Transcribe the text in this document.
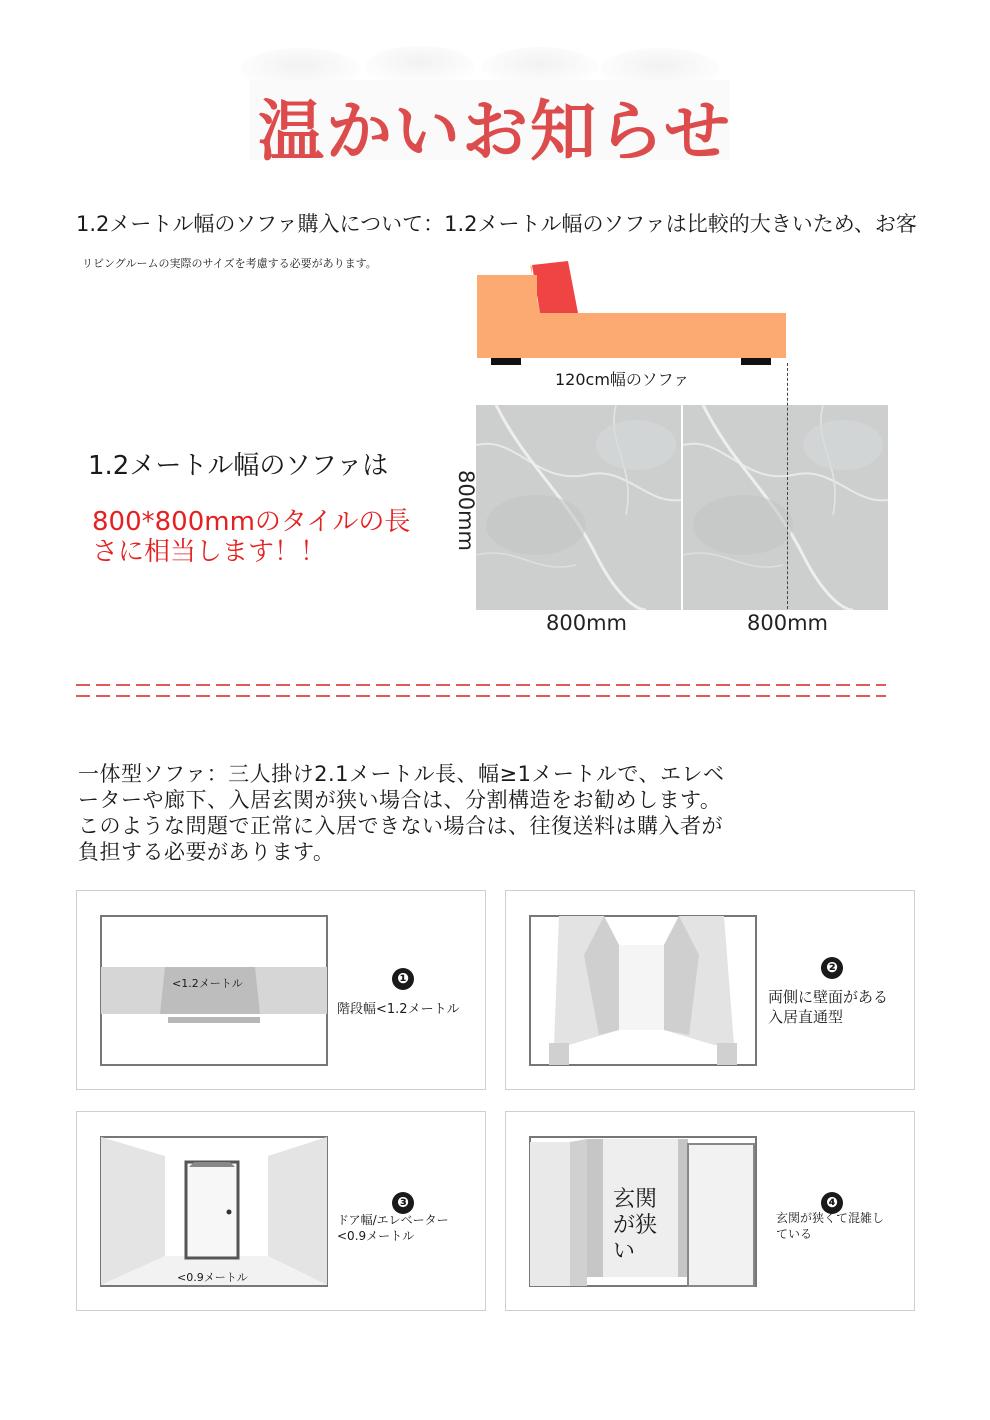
温かいお知らせ
1.2メートル幅のソファ購入について：1.2メートル幅のソファは比較的大きいため、お客
リビングルームの実際のサイズを考慮する必要があります。
120cm幅のソファ
800mm	800mm
800mm
1.2メートル幅のソファは
800*800mmのタイルの長さに相当します！！
一体型ソファ：三人掛け2.1メートル長、幅≥1メートルで、エレベーターや廊下、入居玄関が狭い場合は、分割構造をお勧めします。このような問題で正常に入居できない場合は、往復送料は購入者が負担する必要があります。
<1.2メートル	❶
階段幅<1.2メートル
❷
両側に壁面がある入居直通型
<0.9メートル
❸
ドア幅/エレベーター<0.9メートル
玄関
が狭
い
❹
玄関が狭くて混雑している
